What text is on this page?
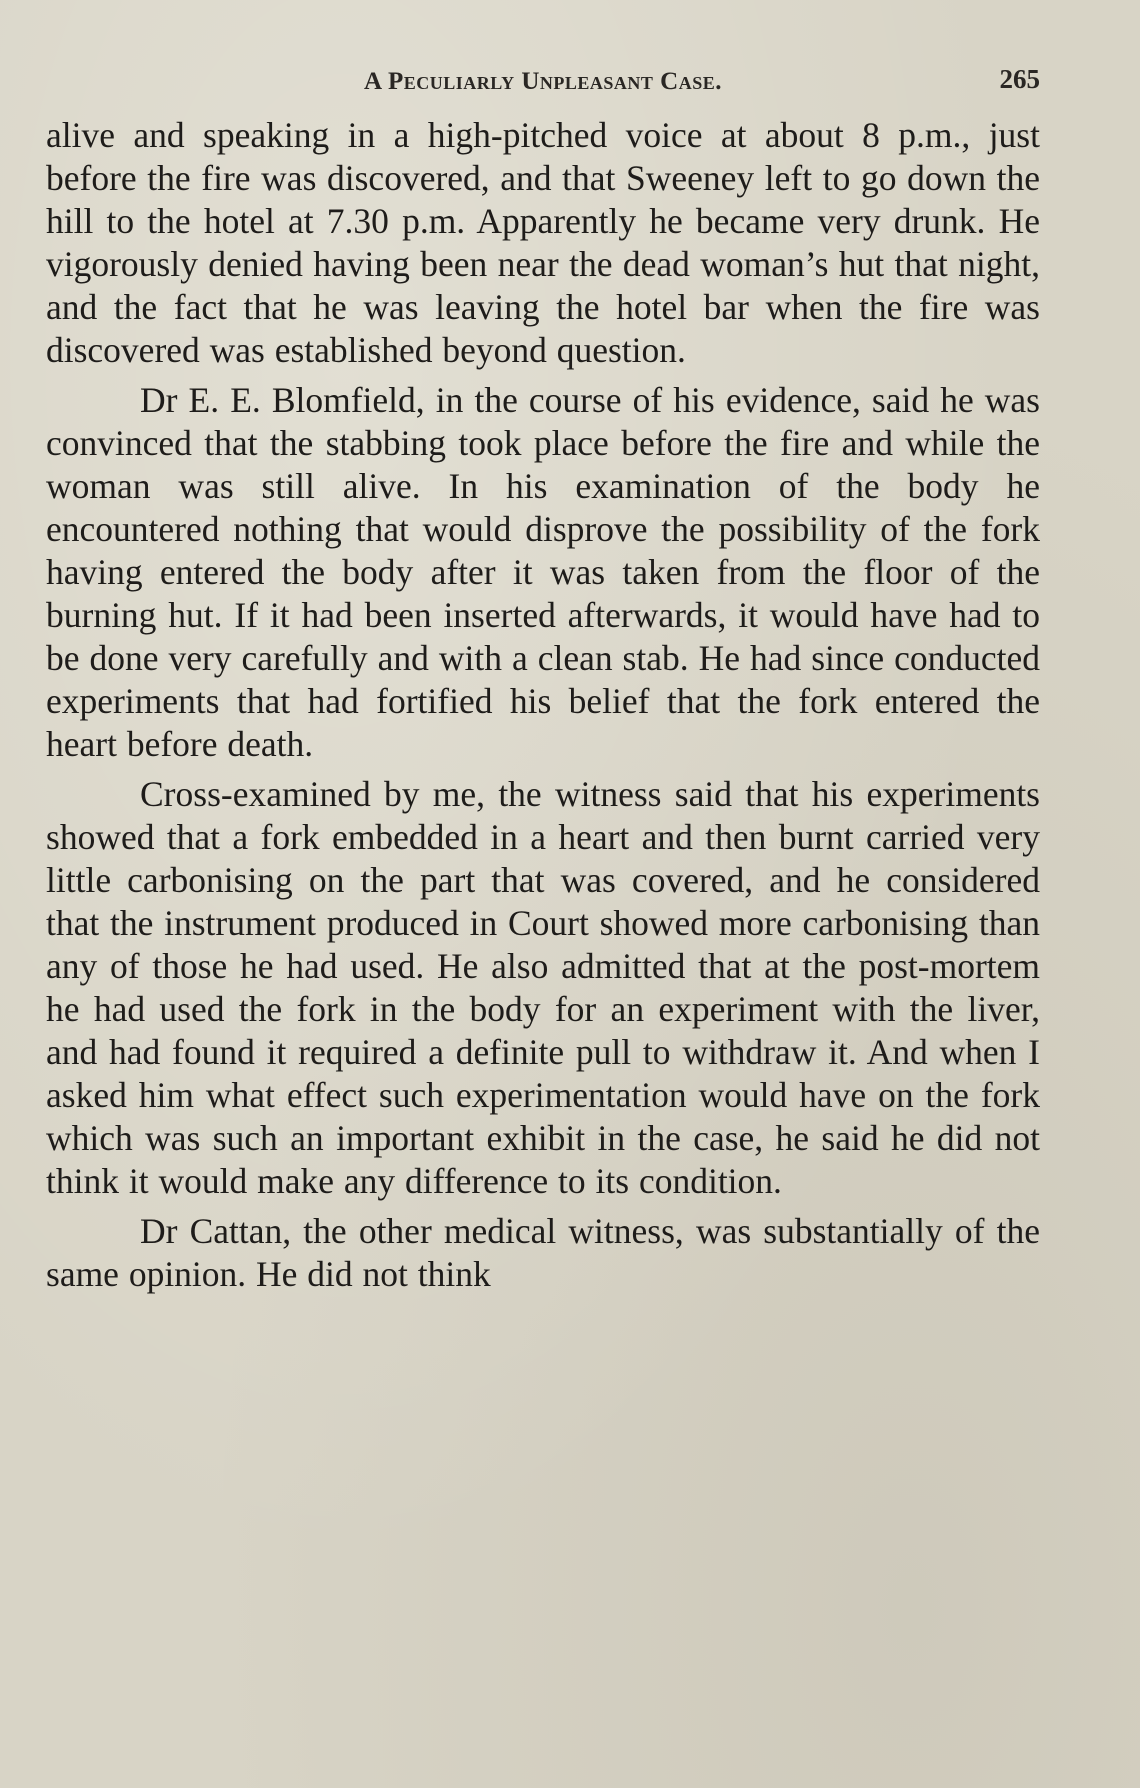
A Peculiarly Unpleasant Case.	265

alive and speaking in a high-pitched voice at about 8 p.m., just before the fire was discovered, and that Sweeney left to go down the hill to the hotel at 7.30 p.m. Apparently he became very drunk. He vigorously denied having been near the dead woman’s hut that night, and the fact that he was leaving the hotel bar when the fire was discovered was established beyond question.

Dr E. E. Blomfield, in the course of his evidence, said he was convinced that the stabbing took place before the fire and while the woman was still alive. In his examination of the body he encountered nothing that would disprove the possibility of the fork having entered the body after it was taken from the floor of the burning hut. If it had been inserted afterwards, it would have had to be done very carefully and with a clean stab. He had since conducted experiments that had fortified his belief that the fork entered the heart before death.

Cross-examined by me, the witness said that his experiments showed that a fork embedded in a heart and then burnt carried very little carbonising on the part that was covered, and he considered that the instrument produced in Court showed more carbonising than any of those he had used. He also admitted that at the post-mortem he had used the fork in the body for an experiment with the liver, and had found it required a definite pull to withdraw it. And when I asked him what effect such experimentation would have on the fork which was such an important exhibit in the case, he said he did not think it would make any difference to its condition.

Dr Cattan, the other medical witness, was substantially of the same opinion. He did not think
